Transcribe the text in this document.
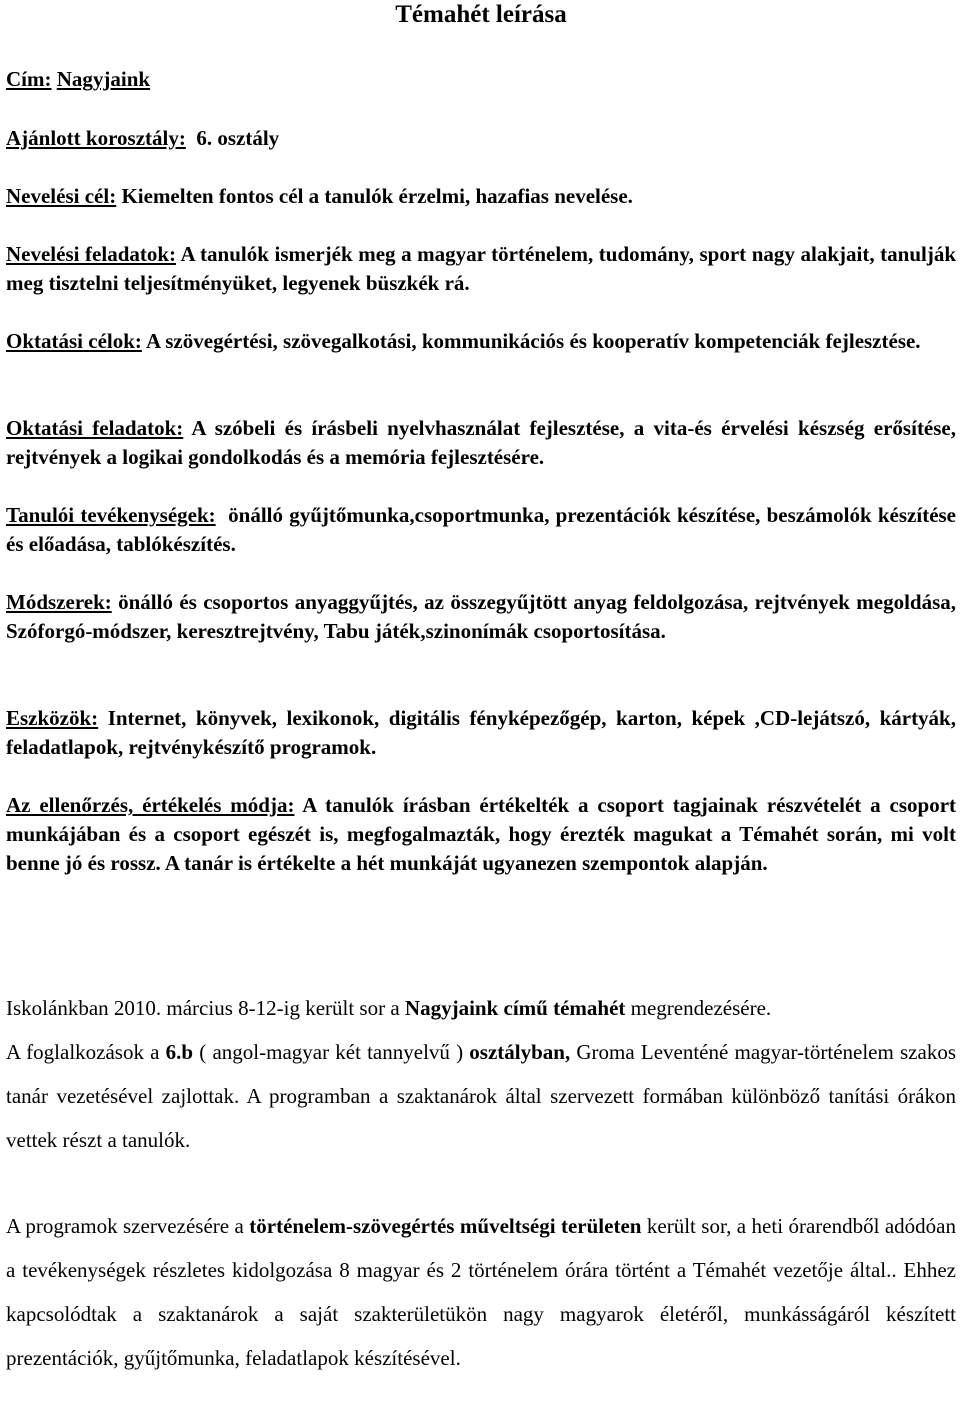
Témahét leírása

Cím: Nagyjaink

Ajánlott korosztály: 6. osztály

Nevelési cél: Kiemelten fontos cél a tanulók érzelmi, hazafias nevelése.

Nevelési feladatok: A tanulók ismerjék meg a magyar történelem, tudomány, sport nagy alakjait, tanulják meg tisztelni teljesítményüket, legyenek büszkék rá.

Oktatási célok: A szövegértési, szövegalkotási, kommunikációs és kooperatív kompetenciák fejlesztése.

Oktatási feladatok: A szóbeli és írásbeli nyelvhasználat fejlesztése, a vita-és érvelési készség erősítése, rejtvények a logikai gondolkodás és a memória fejlesztésére.

Tanulói tevékenységek: önálló gyűjtőmunka,csoportmunka, prezentációk készítése, beszámolók készítése és előadása, tablókészítés.

Módszerek: önálló és csoportos anyaggyűjtés, az összegyűjtött anyag feldolgozása, rejtvények megoldása, Szóforgó-módszer, keresztrejtvény, Tabu játék,szinonímák csoportosítása.

Eszközök: Internet, könyvek, lexikonok, digitális fényképezőgép, karton, képek ,CD-lejátszó, kártyák, feladatlapok, rejtvénykészítő programok.

Az ellenőrzés, értékelés módja: A tanulók írásban értékelték a csoport tagjainak részvételét a csoport munkájában és a csoport egészét is, megfogalmazták, hogy érezték magukat a Témahét során, mi volt benne jó és rossz. A tanár is értékelte a hét munkáját ugyanezen szempontok alapján.

Iskolánkban 2010. március 8-12-ig került sor a Nagyjaink című témahét megrendezésére.

A foglalkozások a 6.b ( angol-magyar két tannyelvű ) osztályban, Groma Leventéné magyar-történelem szakos tanár vezetésével zajlottak. A programban a szaktanárok által szervezett formában különböző tanítási órákon vettek részt a tanulók.

A programok szervezésére a történelem-szövegértés műveltségi területen került sor, a heti órarendből adódóan a tevékenységek részletes kidolgozása 8 magyar és 2 történelem órára történt a Témahét vezetője által.. Ehhez kapcsolódtak a szaktanárok a saját szakterületükön nagy magyarok életéről, munkásságáról készített prezentációk, gyűjtőmunka, feladatlapok készítésével.
